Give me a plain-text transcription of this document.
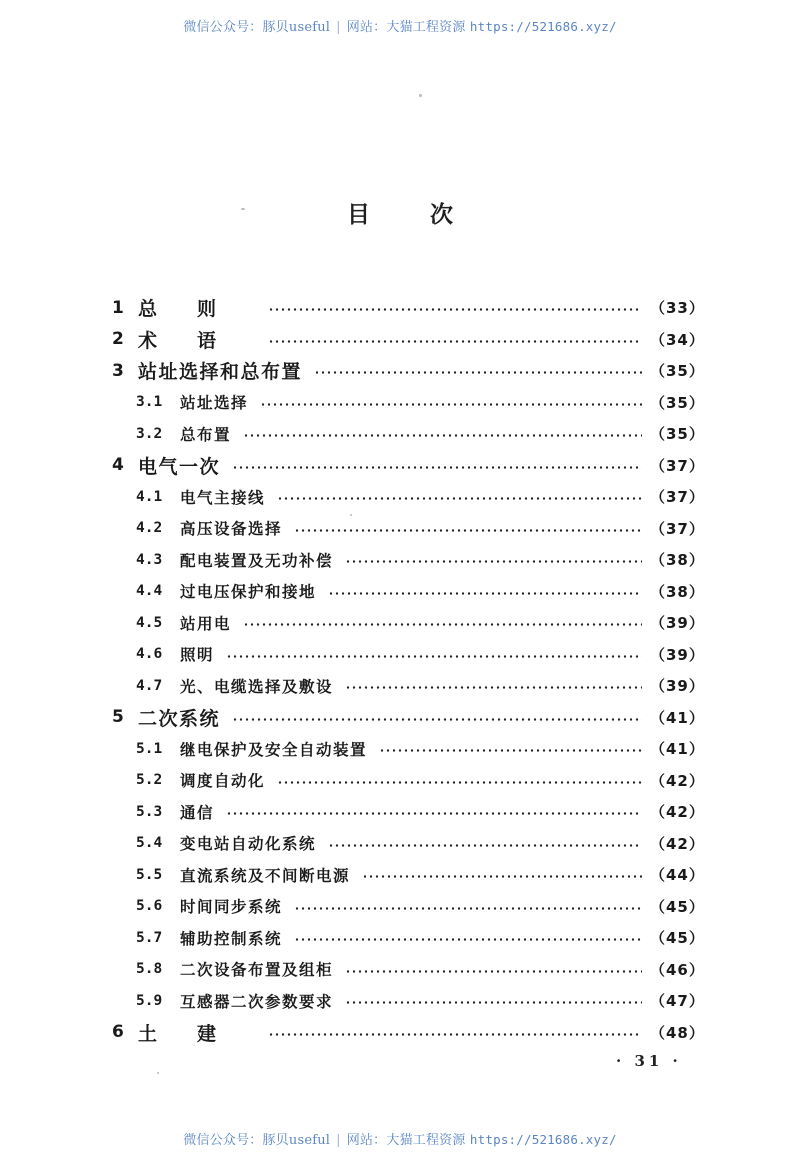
微信公众号：豚贝useful | 网站：大猫工程资源 https://521686.xyz/
目次
1 总则	（33）
2 术语	（34）
3 站址选择和总布置	（35）
3.1	站址选择	（35）
3.2	总布置	（35）
4 电气一次	（37）
4.1	电气主接线	（37）
4.2	高压设备选择	（37）
4.3	配电装置及无功补偿	（38）
4.4	过电压保护和接地	（38）
4.5	站用电	（39）
4.6	照明	（39）
4.7	光、电缆选择及敷设	（39）
5 二次系统	（41）
5.1	继电保护及安全自动装置	（41）
5.2	调度自动化	（42）
5.3	通信	（42）
5.4	变电站自动化系统	（42）
5.5	直流系统及不间断电源	（44）
5.6	时间同步系统	（45）
5.7	辅助控制系统	（45）
5.8	二次设备布置及组柜	（46）
5.9	互感器二次参数要求	（47）
6 土建	（48）
· 31 ·
微信公众号：豚贝useful | 网站：大猫工程资源 https://521686.xyz/
